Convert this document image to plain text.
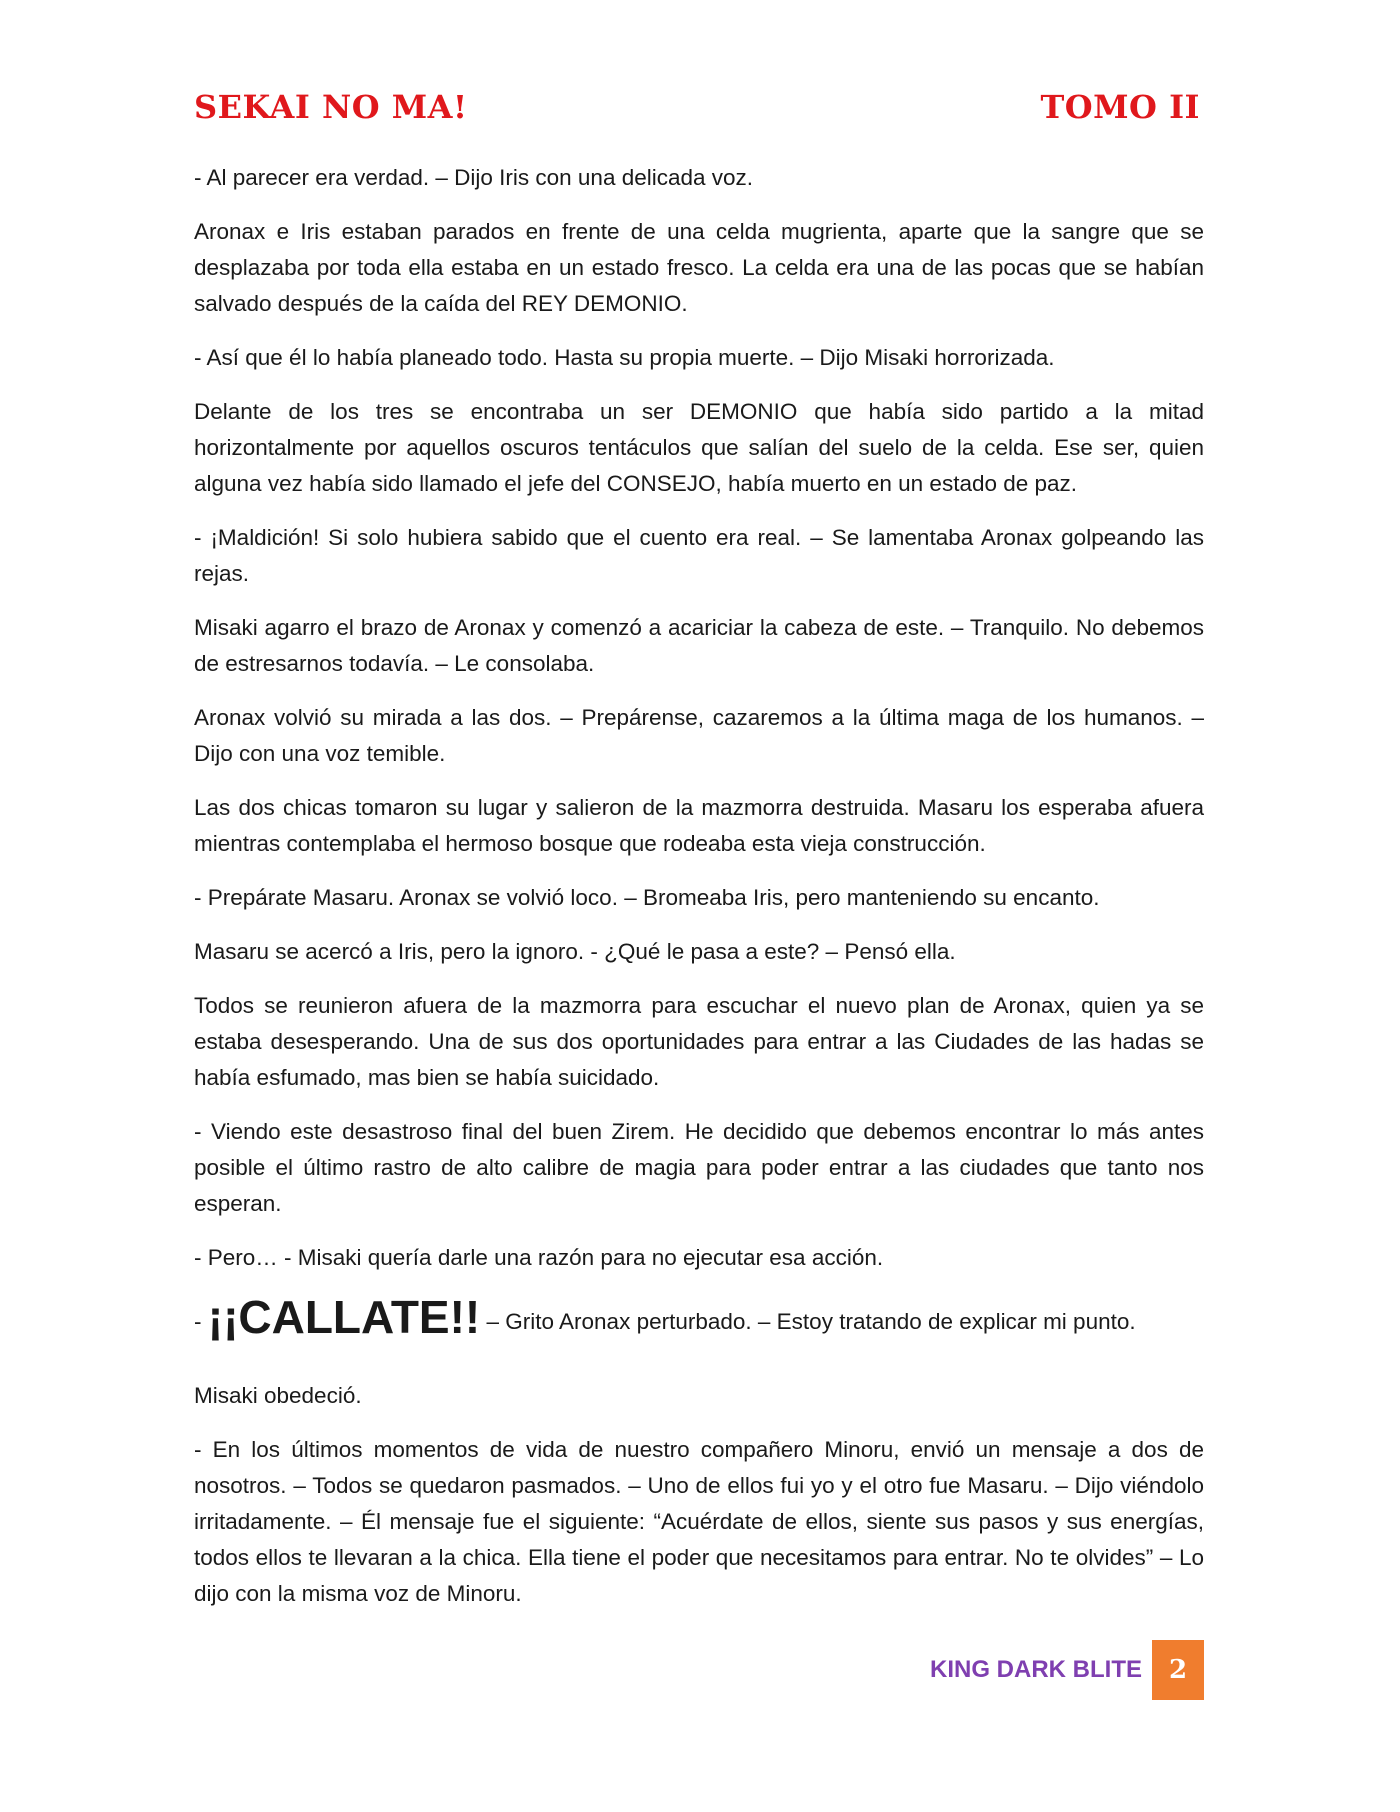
SEKAI NO MA!	TOMO II

- Al parecer era verdad. – Dijo Iris con una delicada voz.

Aronax e Iris estaban parados en frente de una celda mugrienta, aparte que la sangre que se desplazaba por toda ella estaba en un estado fresco. La celda era una de las pocas que se habían salvado después de la caída del REY DEMONIO.

- Así que él lo había planeado todo. Hasta su propia muerte. – Dijo Misaki horrorizada.

Delante de los tres se encontraba un ser DEMONIO que había sido partido a la mitad horizontalmente por aquellos oscuros tentáculos que salían del suelo de la celda. Ese ser, quien alguna vez había sido llamado el jefe del CONSEJO, había muerto en un estado de paz.

- ¡Maldición! Si solo hubiera sabido que el cuento era real. – Se lamentaba Aronax golpeando las rejas.

Misaki agarro el brazo de Aronax y comenzó a acariciar la cabeza de este. – Tranquilo. No debemos de estresarnos todavía. – Le consolaba.

Aronax volvió su mirada a las dos. – Prepárense, cazaremos a la última maga de los humanos. – Dijo con una voz temible.

Las dos chicas tomaron su lugar y salieron de la mazmorra destruida. Masaru los esperaba afuera mientras contemplaba el hermoso bosque que rodeaba esta vieja construcción.

- Prepárate Masaru. Aronax se volvió loco. – Bromeaba Iris, pero manteniendo su encanto.

Masaru se acercó a Iris, pero la ignoro. - ¿Qué le pasa a este? – Pensó ella.

Todos se reunieron afuera de la mazmorra para escuchar el nuevo plan de Aronax, quien ya se estaba desesperando. Una de sus dos oportunidades para entrar a las Ciudades de las hadas se había esfumado, mas bien se había suicidado.

- Viendo este desastroso final del buen Zirem. He decidido que debemos encontrar lo más antes posible el último rastro de alto calibre de magia para poder entrar a las ciudades que tanto nos esperan.

- Pero… - Misaki quería darle una razón para no ejecutar esa acción.

- ¡¡CALLATE!! – Grito Aronax perturbado. – Estoy tratando de explicar mi punto.

Misaki obedeció.

- En los últimos momentos de vida de nuestro compañero Minoru, envió un mensaje a dos de nosotros. – Todos se quedaron pasmados. – Uno de ellos fui yo y el otro fue Masaru. – Dijo viéndolo irritadamente. – Él mensaje fue el siguiente: “Acuérdate de ellos, siente sus pasos y sus energías, todos ellos te llevaran a la chica. Ella tiene el poder que necesitamos para entrar. No te olvides” – Lo dijo con la misma voz de Minoru.

KING DARK BLITE	2
